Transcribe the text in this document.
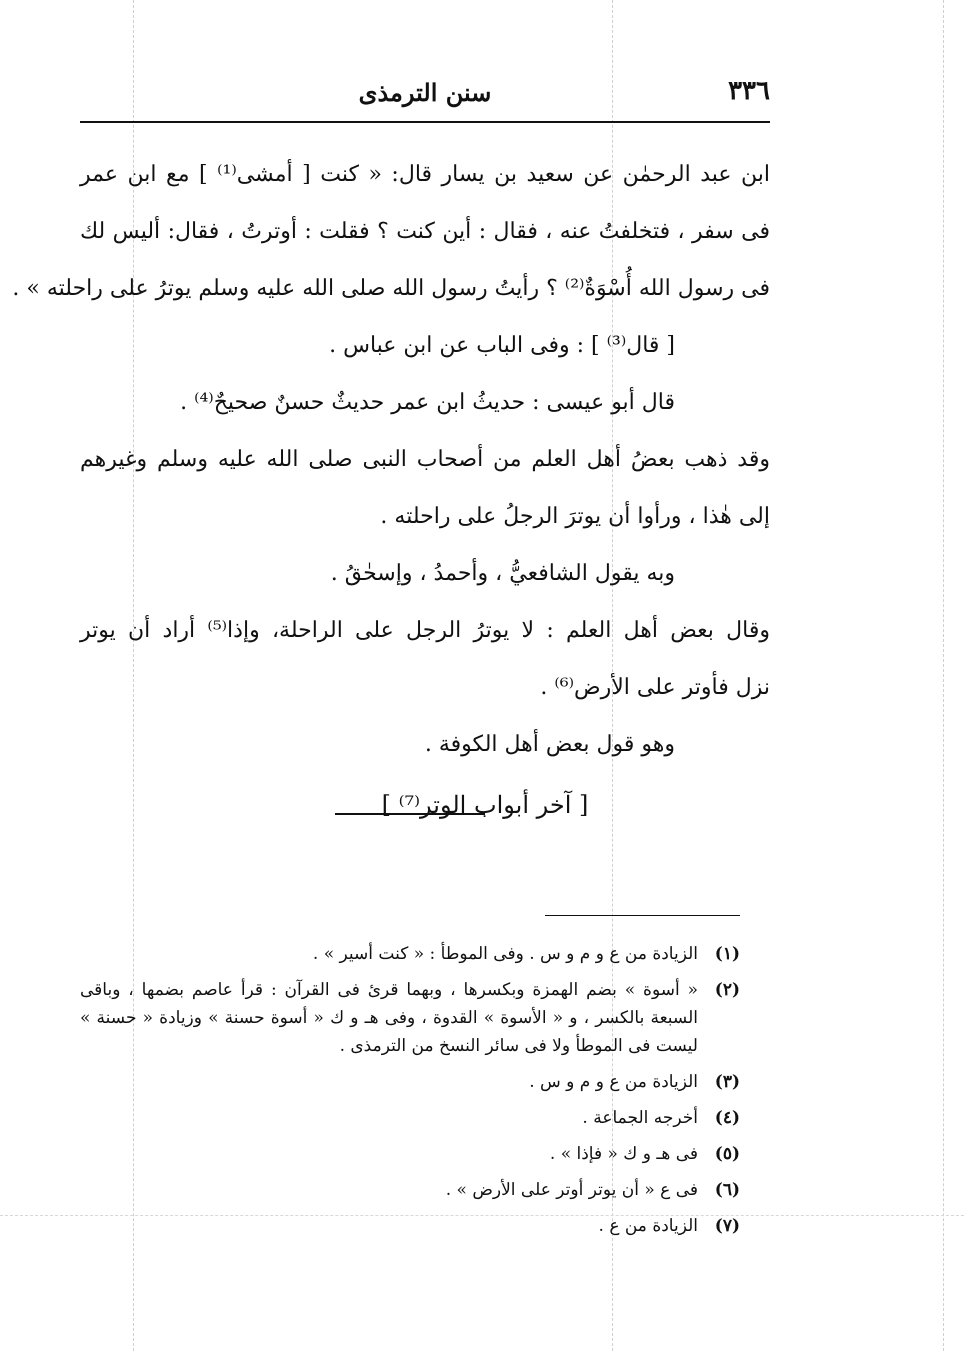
٣٣٦
سنن الترمذى
ابن عبد الرحمٰن عن سعيد بن يسار قال: « كنت [ أمشى⁽¹⁾ ] مع ابن عمر
فى سفر ، فتخلفتُ عنه ، فقال : أين كنت ؟ فقلت : أوترتُ ، فقال: أليس لك
فى رسول الله أُسْوَةٌ⁽²⁾ ؟ رأيتُ رسول الله صلى الله عليه وسلم يوترُ على راحلته » .
[ قال⁽³⁾ ] : وفى الباب عن ابن عباس .
قال أبو عيسى : حديثُ ابن عمر حديثٌ حسنٌ صحيحٌ⁽⁴⁾ .
وقد ذهب بعضُ أهل العلم من أصحاب النبى صلى الله عليه وسلم وغيرهم
إلى هٰذا ، ورأوا أن يوترَ الرجلُ على راحلته .
وبه يقول الشافعيُّ ، وأحمدُ ، وإسحٰقُ .
وقال بعض أهل العلم : لا يوترُ الرجل على الراحلة، وإذا⁽⁵⁾ أراد أن يوتر
نزل فأوتر على الأرض⁽⁶⁾ .
وهو قول بعض أهل الكوفة .
[ آخر أبواب الوتر⁽⁷⁾ ]
(١)
الزيادة من ع و م و س . وفى الموطأ : « كنت أسير » .
(٢)
« أسوة » بضم الهمزة وبكسرها ، وبهما قرئ فى القرآن : قرأ عاصم بضمها ، وباقى السبعة بالكسر ، و « الأسوة » القدوة ، وفى هـ و ك « أسوة حسنة » وزيادة « حسنة » ليست فى الموطأ ولا فى سائر النسخ من الترمذى .
(٣)
الزيادة من ع و م و س .
(٤)
أخرجه الجماعة .
(٥)
فى هـ و ك « فإذا » .
(٦)
فى ع « أن يوتر أوتر على الأرض » .
(٧)
الزيادة من ع .
